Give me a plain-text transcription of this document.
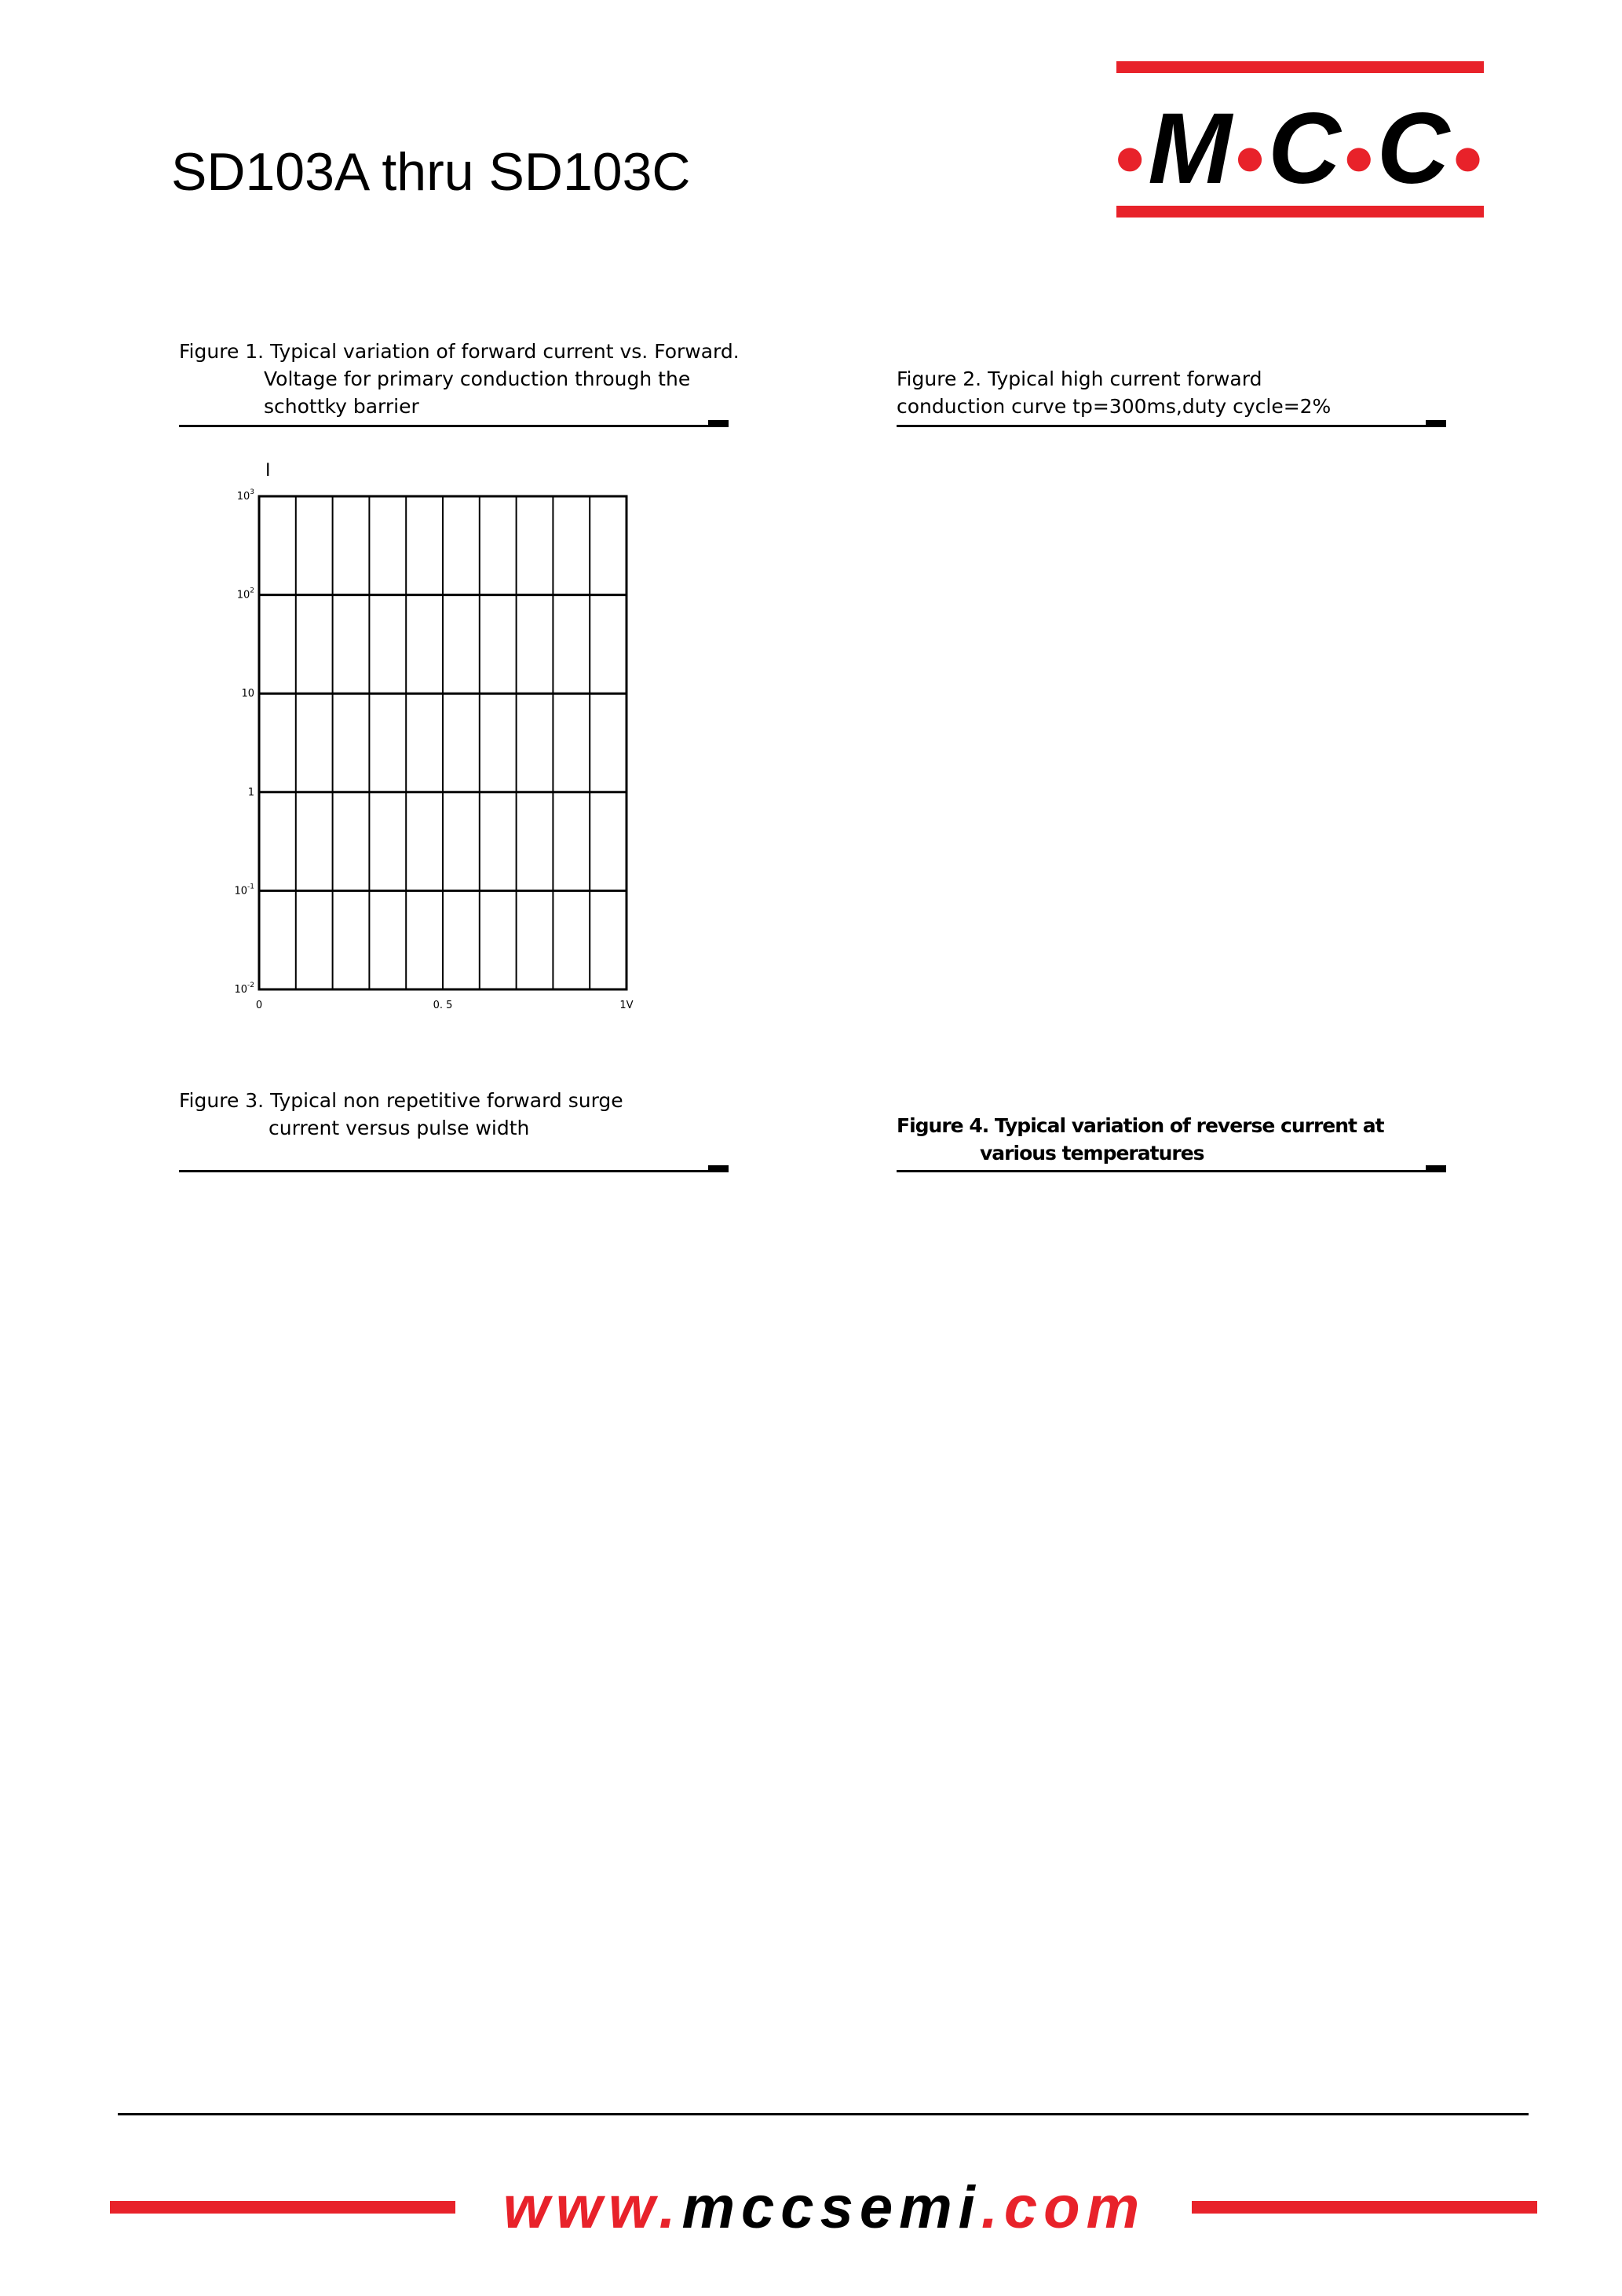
SD103A thru SD103C	●M●C●C●
Figure 1. Typical variation of forward current vs. Forward.
Voltage for primary conduction through the
schottky barrier
Figure 2. Typical high current forward
conduction curve tp=300ms,duty cycle=2%
Figure 3. Typical non repetitive forward surge
current versus pulse width	Figure 4. Typical variation of reverse current at
various temperatures
$10^{-2}$
$10^{-1}$
1
10
$10^2$
$10^3$
0	0. 5	1V
I
www.mccsemi.com
